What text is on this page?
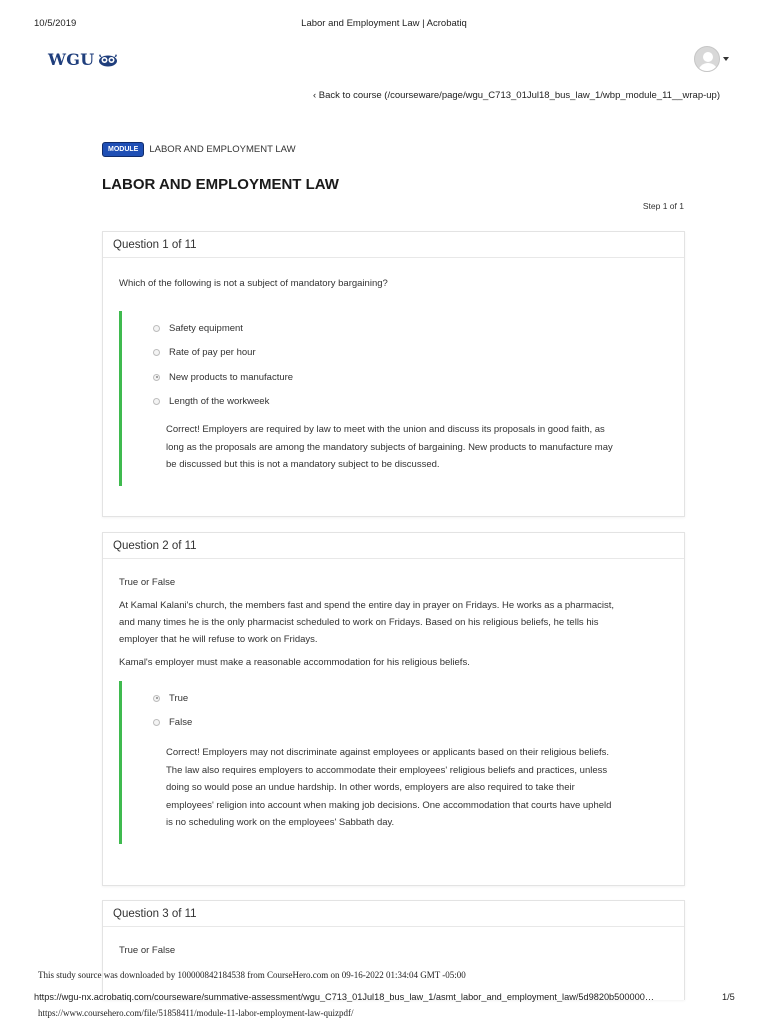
10/5/2019	Labor and Employment Law | Acrobatiq
WGU
‹ Back to course (/courseware/page/wgu_C713_01Jul18_bus_law_1/wbp_module_11__wrap-up)
MODULE	LABOR AND EMPLOYMENT LAW
LABOR AND EMPLOYMENT LAW
Step 1 of 1
Question 1 of 11

Which of the following is not a subject of mandatory bargaining?

Safety equipment
Rate of pay per hour
New products to manufacture
Length of the workweek
Correct! Employers are required by law to meet with the union and discuss its proposals in good faith, as
long as the proposals are among the mandatory subjects of bargaining. New products to manufacture may
be discussed but this is not a mandatory subject to be discussed.
Question 2 of 11

True or False

At Kamal Kalani's church, the members fast and spend the entire day in prayer on Fridays. He works as a pharmacist,

and many times he is the only pharmacist scheduled to work on Fridays. Based on his religious beliefs, he tells his

employer that he will refuse to work on Fridays.

Kamal's employer must make a reasonable accommodation for his religious beliefs.

True
False
Correct! Employers may not discriminate against employees or applicants based on their religious beliefs.
The law also requires employers to accommodate their employees' religious beliefs and practices, unless
doing so would pose an undue hardship. In other words, employers are also required to take their
employees' religion into account when making job decisions. One accommodation that courts have upheld
is no scheduling work on the employees' Sabbath day.
Question 3 of 11

True or False

This study source was downloaded by 100000842184538 from CourseHero.com on 09-16-2022 01:34:04 GMT -05:00
https://wgu-nx.acrobatiq.com/courseware/summative-assessment/wgu_C713_01Jul18_bus_law_1/asmt_labor_and_employment_law/5d9820b500000…	1/5
https://www.coursehero.com/file/51858411/module-11-labor-employment-law-quizpdf/
